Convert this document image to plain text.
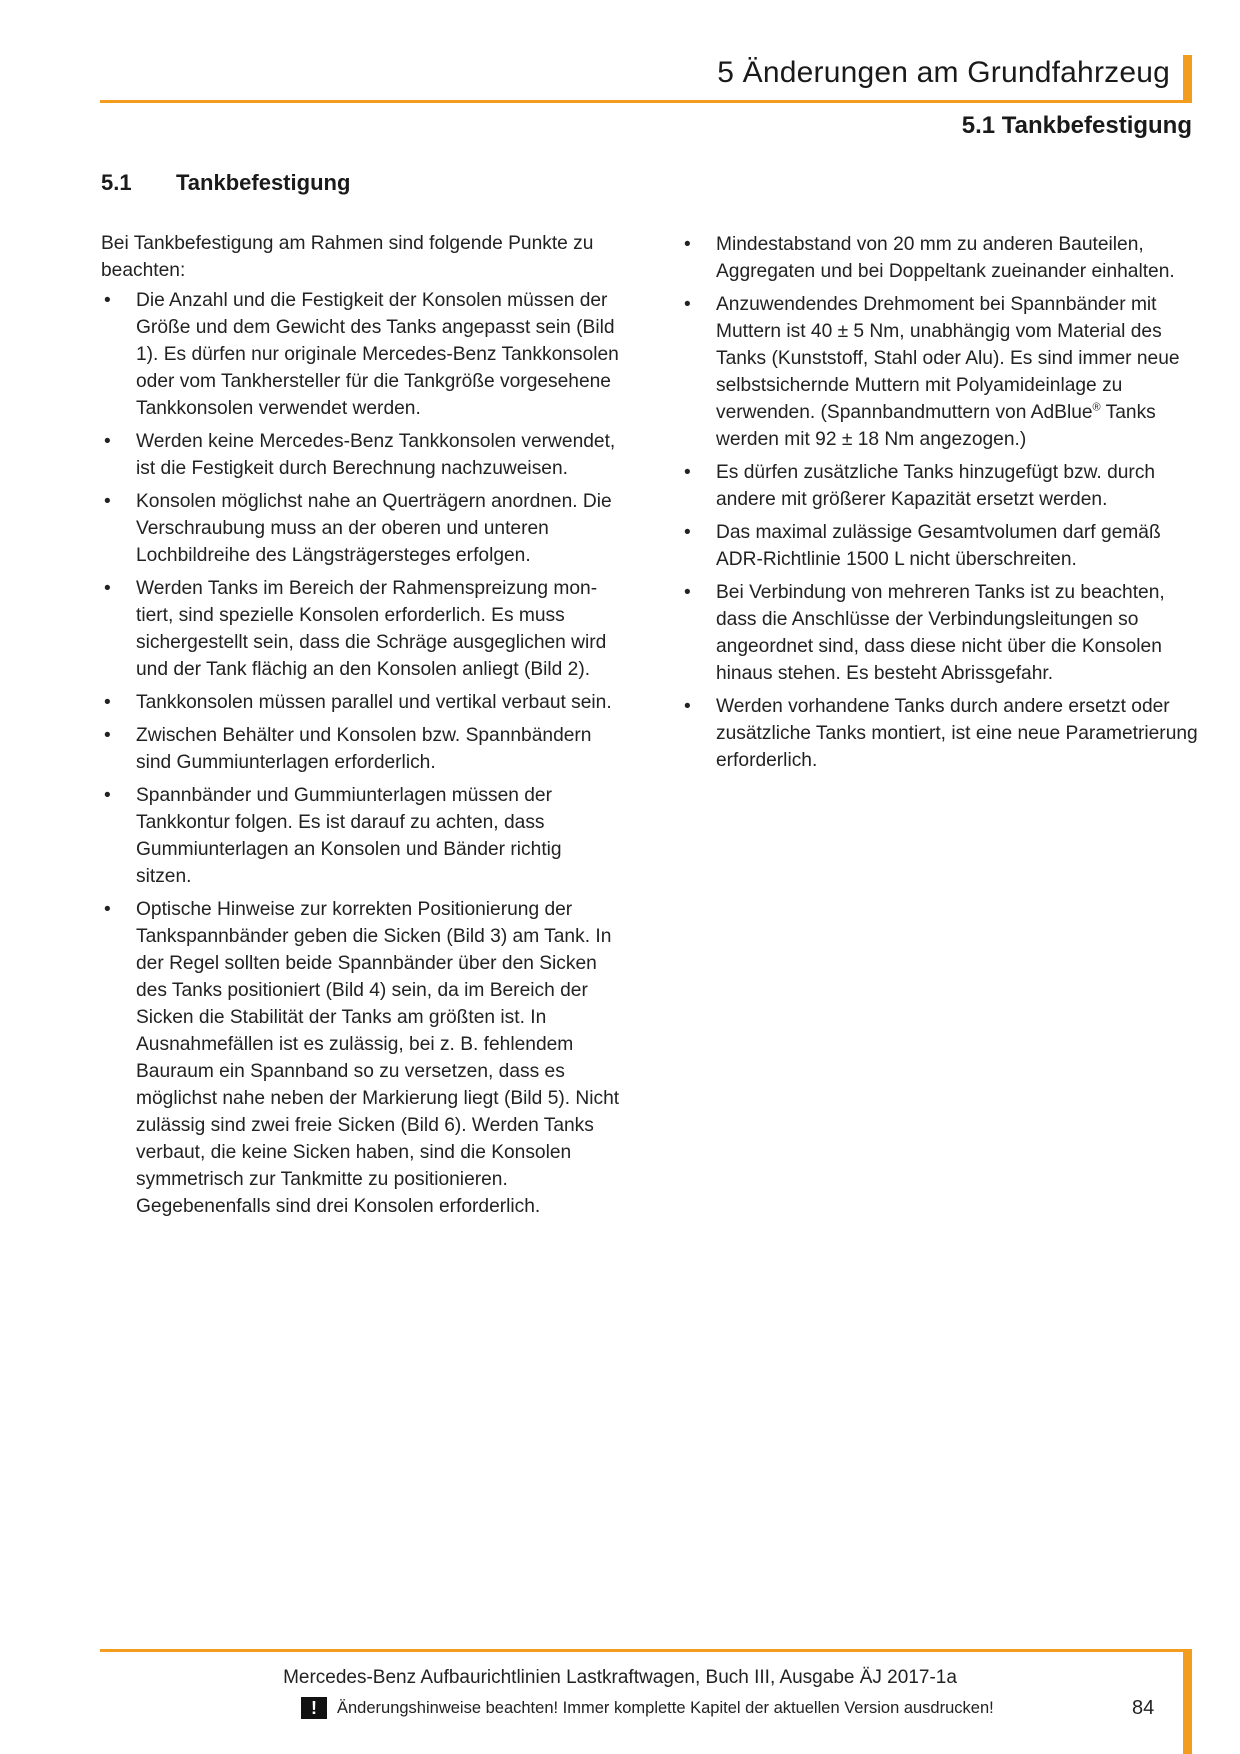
5 Änderungen am Grundfahrzeug
5.1 Tankbefestigung
5.1 Tankbefestigung

Bei Tankbefestigung am Rahmen sind folgende Punkte zu beachten:

• Die Anzahl und die Festigkeit der Konsolen müssen der Größe und dem Gewicht des Tanks angepasst sein (Bild 1). Es dürfen nur originale Mercedes-Benz Tankkonsolen oder vom Tankhersteller für die Tankgröße vorgesehene Tankkonsolen verwendet werden.
• Werden keine Mercedes-Benz Tankkonsolen verwendet, ist die Festigkeit durch Berechnung nachzuweisen.
• Konsolen möglichst nahe an Querträgern anordnen. Die Verschraubung muss an der oberen und unteren Lochbildreihe des Längsträgersteges erfolgen.
• Werden Tanks im Bereich der Rahmenspreizung montiert, sind spezielle Konsolen erforderlich. Es muss sichergestellt sein, dass die Schräge ausgeglichen wird und der Tank flächig an den Konsolen anliegt (Bild 2).
• Tankkonsolen müssen parallel und vertikal verbaut sein.
• Zwischen Behälter und Konsolen bzw. Spannbändern sind Gummiunterlagen erforderlich.
• Spannbänder und Gummiunterlagen müssen der Tankkontur folgen. Es ist darauf zu achten, dass Gummiunterlagen an Konsolen und Bänder richtig sitzen.
• Optische Hinweise zur korrekten Positionierung der Tankspannbänder geben die Sicken (Bild 3) am Tank. In der Regel sollten beide Spannbänder über den Sicken des Tanks positioniert (Bild 4) sein, da im Bereich der Sicken die Stabilität der Tanks am größten ist. In Ausnahmefällen ist es zulässig, bei z. B. fehlendem Bauraum ein Spannband so zu versetzen, dass es möglichst nahe neben der Markierung liegt (Bild 5). Nicht zulässig sind zwei freie Sicken (Bild 6). Werden Tanks verbaut, die keine Sicken haben, sind die Konsolen symmetrisch zur Tankmitte zu positionieren. Gegebenenfalls sind drei Konsolen erforderlich.
• Mindestabstand von 20 mm zu anderen Bauteilen, Aggregaten und bei Doppeltank zueinander einhalten.
• Anzuwendendes Drehmoment bei Spannbänder mit Muttern ist 40 ± 5 Nm, unabhängig vom Material des Tanks (Kunststoff, Stahl oder Alu). Es sind immer neue selbstsichernde Muttern mit Polyamideinlage zu verwenden. (Spannbandmuttern von AdBlue® Tanks werden mit 92 ± 18 Nm angezogen.)
• Es dürfen zusätzliche Tanks hinzugefügt bzw. durch andere mit größerer Kapazität ersetzt werden.
• Das maximal zulässige Gesamtvolumen darf gemäß ADR-Richtlinie 1500 L nicht überschreiten.
• Bei Verbindung von mehreren Tanks ist zu beachten, dass die Anschlüsse der Verbindungsleitungen so angeordnet sind, dass diese nicht über die Konsolen hinaus stehen. Es besteht Abrissgefahr.
• Werden vorhandene Tanks durch andere ersetzt oder zusätzliche Tanks montiert, ist eine neue Parametrierung erforderlich.
Mercedes-Benz Aufbaurichtlinien Lastkraftwagen, Buch III, Ausgabe ÄJ 2017-1a
!	Änderungshinweise beachten! Immer komplette Kapitel der aktuellen Version ausdrucken!	84
